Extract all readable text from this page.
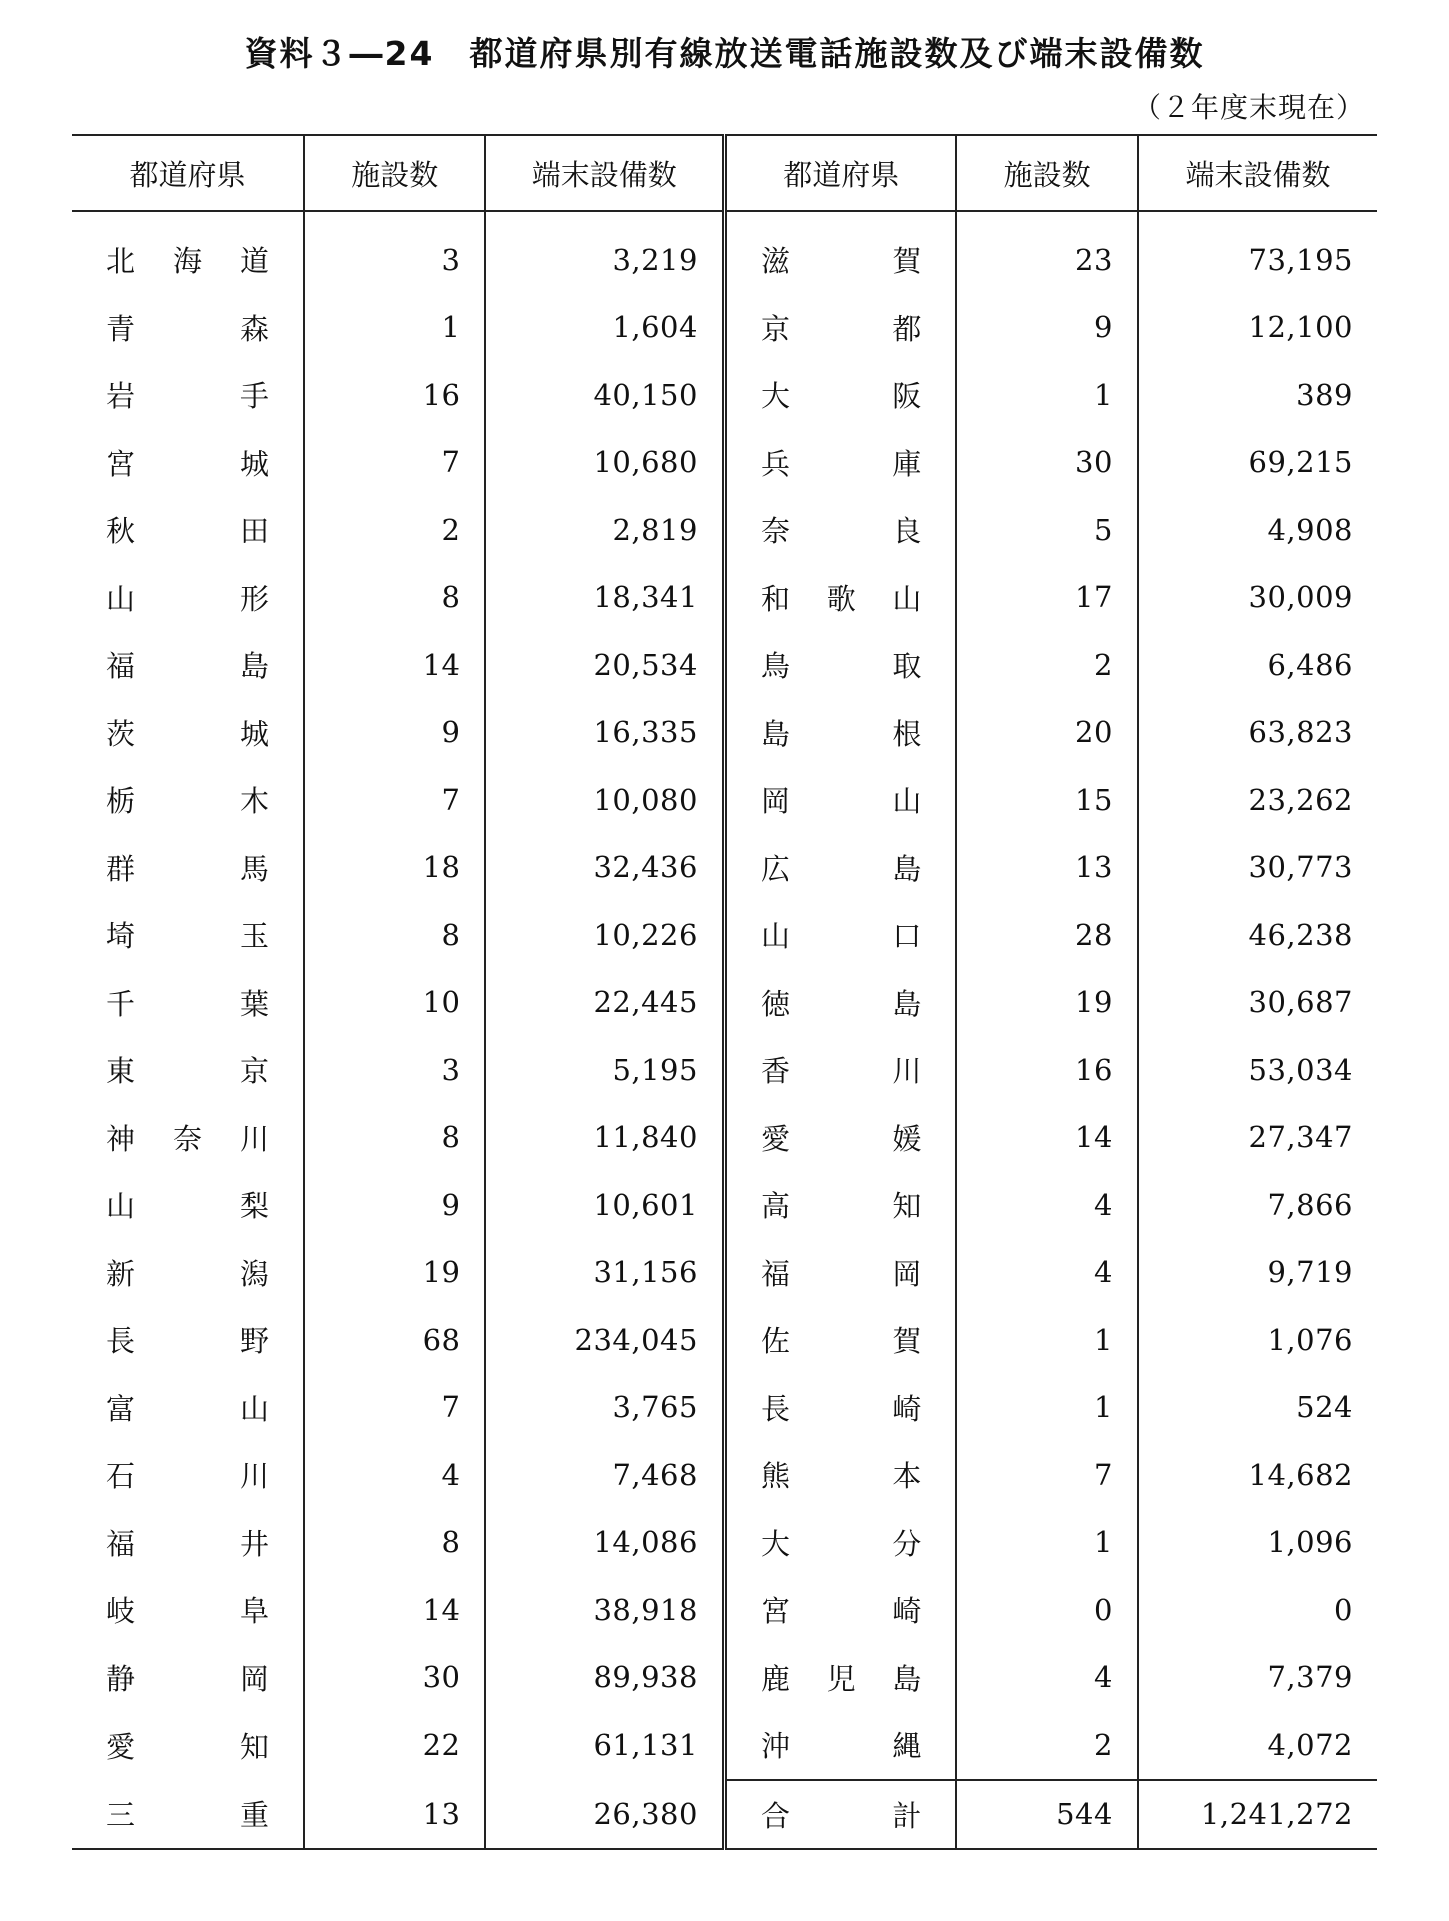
資料３―24　都道府県別有線放送電話施設数及び端末設備数
（２年度末現在）
都道府県	施設数	端末設備数	都道府県	施設数	端末設備数

北 海 道	3	3,219	滋 賀	23	73,195

青 森	1	1,604	京 都	9	12,100

岩 手	16	40,150	大 阪	1	389

宮 城	7	10,680	兵 庫	30	69,215

秋 田	2	2,819	奈 良	5	4,908

山 形	8	18,341	和 歌 山	17	30,009

福 島	14	20,534	鳥 取	2	6,486

茨 城	9	16,335	島 根	20	63,823

栃 木	7	10,080	岡 山	15	23,262

群 馬	18	32,436	広 島	13	30,773

埼 玉	8	10,226	山 口	28	46,238

千 葉	10	22,445	徳 島	19	30,687

東 京	3	5,195	香 川	16	53,034

神 奈 川	8	11,840	愛 媛	14	27,347

山 梨	9	10,601	高 知	4	7,866

新 潟	19	31,156	福 岡	4	9,719

長 野	68	234,045	佐 賀	1	1,076

富 山	7	3,765	長 崎	1	524

石 川	4	7,468	熊 本	7	14,682

福 井	8	14,086	大 分	1	1,096

岐 阜	14	38,918	宮 崎	0	0

静 岡	30	89,938	鹿 児 島	4	7,379

愛 知	22	61,131	沖 縄	2	4,072

三 重	13	26,380	合 計	544	1,241,272
